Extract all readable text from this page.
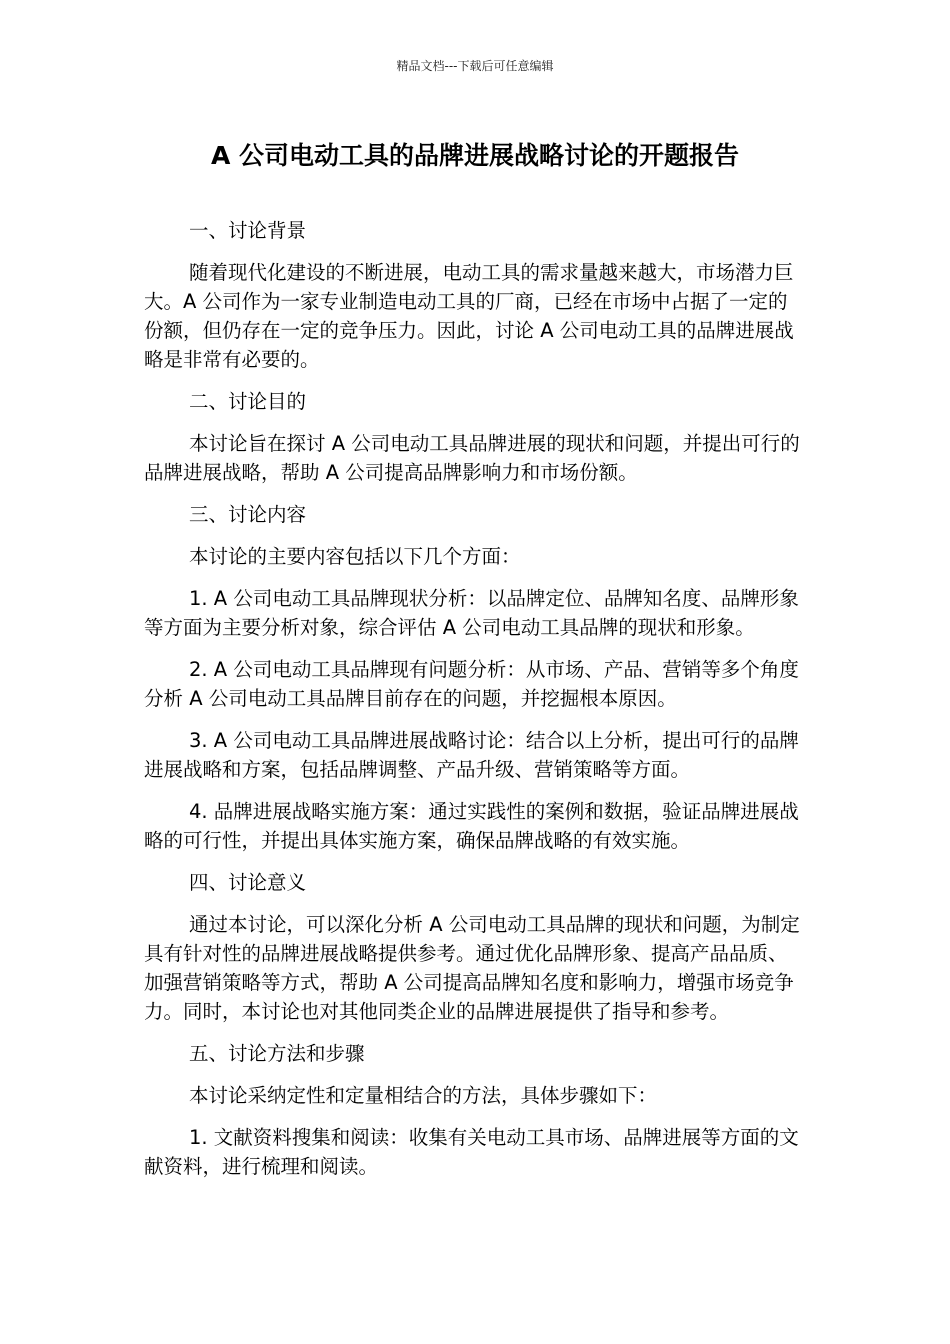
精品文档---下载后可任意编辑
A 公司电动工具的品牌进展战略讨论的开题报告

一、讨论背景

随着现代化建设的不断进展，电动工具的需求量越来越大，市场潜力巨大。A 公司作为一家专业制造电动工具的厂商，已经在市场中占据了一定的份额，但仍存在一定的竞争压力。因此，讨论 A 公司电动工具的品牌进展战略是非常有必要的。

二、讨论目的

本讨论旨在探讨 A 公司电动工具品牌进展的现状和问题，并提出可行的品牌进展战略，帮助 A 公司提高品牌影响力和市场份额。

三、讨论内容

本讨论的主要内容包括以下几个方面：

1. A 公司电动工具品牌现状分析：以品牌定位、品牌知名度、品牌形象等方面为主要分析对象，综合评估 A 公司电动工具品牌的现状和形象。

2. A 公司电动工具品牌现有问题分析：从市场、产品、营销等多个角度分析 A 公司电动工具品牌目前存在的问题，并挖掘根本原因。

3. A 公司电动工具品牌进展战略讨论：结合以上分析，提出可行的品牌进展战略和方案，包括品牌调整、产品升级、营销策略等方面。

4. 品牌进展战略实施方案：通过实践性的案例和数据，验证品牌进展战略的可行性，并提出具体实施方案，确保品牌战略的有效实施。

四、讨论意义

通过本讨论，可以深化分析 A 公司电动工具品牌的现状和问题，为制定具有针对性的品牌进展战略提供参考。通过优化品牌形象、提高产品品质、加强营销策略等方式，帮助 A 公司提高品牌知名度和影响力，增强市场竞争力。同时，本讨论也对其他同类企业的品牌进展提供了指导和参考。

五、讨论方法和步骤

本讨论采纳定性和定量相结合的方法，具体步骤如下：

1. 文献资料搜集和阅读：收集有关电动工具市场、品牌进展等方面的文献资料，进行梳理和阅读。
